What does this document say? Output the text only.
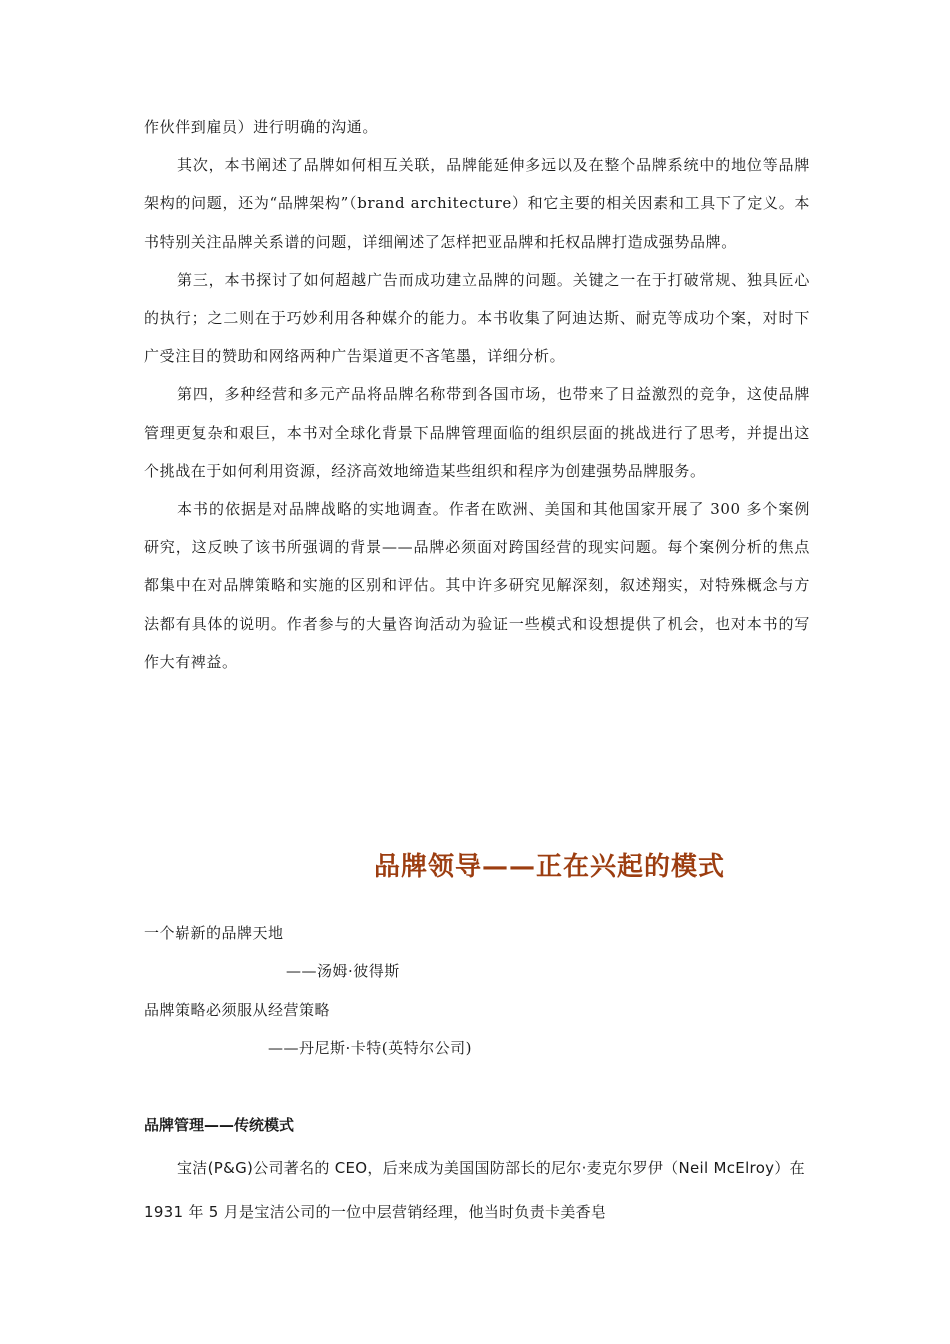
作伙伴到雇员）进行明确的沟通。

其次，本书阐述了品牌如何相互关联，品牌能延伸多远以及在整个品牌系统中的地位等品牌架构的问题，还为“品牌架构”（brand architecture）和它主要的相关因素和工具下了定义。本书特别关注品牌关系谱的问题，详细阐述了怎样把亚品牌和托权品牌打造成强势品牌。

第三，本书探讨了如何超越广告而成功建立品牌的问题。关键之一在于打破常规、独具匠心的执行；之二则在于巧妙利用各种媒介的能力。本书收集了阿迪达斯、耐克等成功个案，对时下广受注目的赞助和网络两种广告渠道更不吝笔墨，详细分析。

第四，多种经营和多元产品将品牌名称带到各国市场，也带来了日益激烈的竞争，这使品牌管理更复杂和艰巨，本书对全球化背景下品牌管理面临的组织层面的挑战进行了思考，并提出这个挑战在于如何利用资源，经济高效地缔造某些组织和程序为创建强势品牌服务。

本书的依据是对品牌战略的实地调查。作者在欧洲、美国和其他国家开展了 300 多个案例研究，这反映了该书所强调的背景——品牌必须面对跨国经营的现实问题。每个案例分析的焦点都集中在对品牌策略和实施的区别和评估。其中许多研究见解深刻，叙述翔实，对特殊概念与方法都有具体的说明。作者参与的大量咨询活动为验证一些模式和设想提供了机会，也对本书的写作大有裨益。

品牌领导——正在兴起的模式
一个崭新的品牌天地
——汤姆·彼得斯
品牌策略必须服从经营策略
——丹尼斯·卡特(英特尔公司)
品牌管理——传统模式

宝洁(P&G)公司著名的 CEO，后来成为美国国防部长的尼尔·麦克尔罗伊（Neil McElroy）在 1931 年 5 月是宝洁公司的一位中层营销经理，他当时负责卡美香皂
